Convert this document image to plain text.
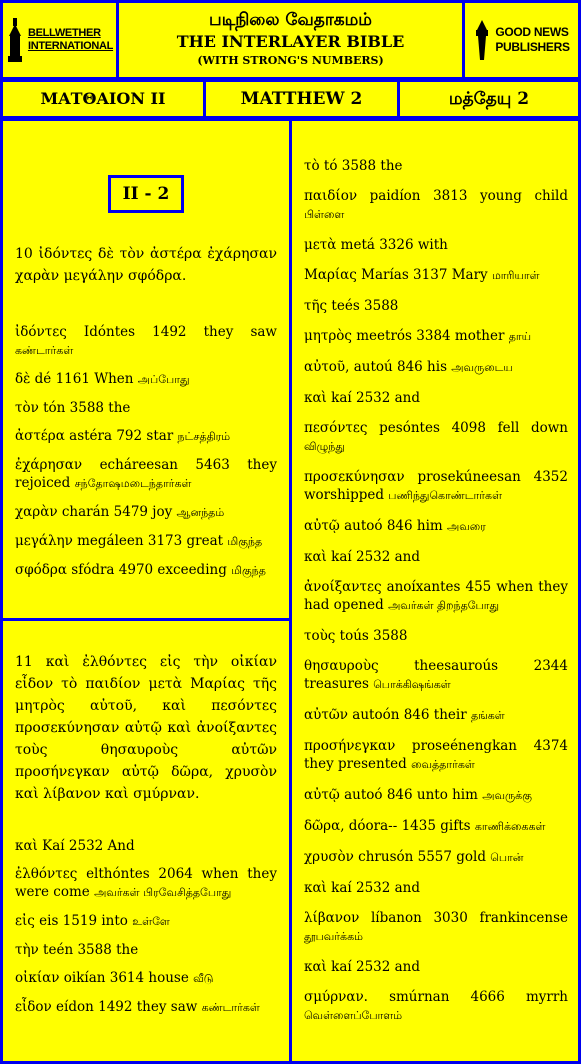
BELLWETHER
INTERNATIONAL
படிநிலை வேதாகமம்
THE INTERLAYER BIBLE
(WITH STRONG'S NUMBERS)
GOOD NEWS
PUBLISHERS
ΜΑΤΘΑΙΟΝ ΙΙ	MATTHEW 2	மத்தேயு 2
II - 2
10 ἰδόντες δὲ τὸν ἀστέρα ἐχάρησαν χαρὰν μεγάλην σφόδρα.
ἰδόντες Idóntes 1492 they saw கண்டார்கள்
δὲ dé 1161 When அப்போது
τὸν tón 3588 the
ἀστέρα astéra 792 star நட்சத்திரம்
ἐχάρησαν echáreesan 5463 they rejoiced சந்தோஷமடைந்தார்கள்
χαρὰν charán 5479 joy ஆனந்தம்
μεγάλην megáleen 3173 great மிகுந்த
σφόδρα sfódra 4970 exceeding மிகுந்த
11 καὶ ἐλθόντες εἰς τὴν οἰκίαν εἶδον τὸ παιδίον μετὰ Μαρίας τῆς μητρὸς αὐτοῦ, καὶ πεσόντες προσεκύνησαν αὐτῷ καὶ ἀνοίξαντες τοὺς θησαυροὺς αὐτῶν προσήνεγκαν αὐτῷ δῶρα, χρυσὸν καὶ λίβανον καὶ σμύρναν.
καὶ Kaí 2532 And
ἐλθόντες elthóntes 2064 when they were come அவர்கள் பிரவேசித்தபோது
εἰς eis 1519 into உள்ளே
τὴν teén 3588 the
οἰκίαν oikían 3614 house வீடு
εἶδον eídon 1492 they saw கண்டார்கள்
τὸ tó 3588 the
παιδίον paidíon 3813 young child பிள்ளை
μετὰ metá 3326 with
Μαρίας Marías 3137 Mary மாரியாள்
τῆς teés 3588
μητρὸς meetrós 3384 mother தாய்
αὐτοῦ, autoú 846 his அவருடைய
καὶ kaí 2532 and
πεσόντες pesóntes 4098 fell down விழுந்து
προσεκύνησαν prosekúneesan 4352 worshipped பணிந்துகொண்டார்கள்
αὐτῷ autoó 846 him அவரை
καὶ kaí 2532 and
ἀνοίξαντες anoíxantes 455 when they had opened அவர்கள் திறந்தபோது
τοὺς toús 3588
θησαυροὺς theesauroús 2344 treasures பொக்கிஷங்கள்
αὐτῶν autoón 846 their தங்கள்
προσήνεγκαν proseénengkan 4374 they presented வைத்தார்கள்
αὐτῷ autoó 846 unto him அவருக்கு
δῶρα, dóora-- 1435 gifts காணிக்கைகள்
χρυσὸν chrusón 5557 gold பொன்
καὶ kaí 2532 and
λίβανον líbanon 3030 frankincense தூபவர்க்கம்
καὶ kaí 2532 and
σμύρναν. smúrnan 4666 myrrh வெள்ளைப்போளம்
